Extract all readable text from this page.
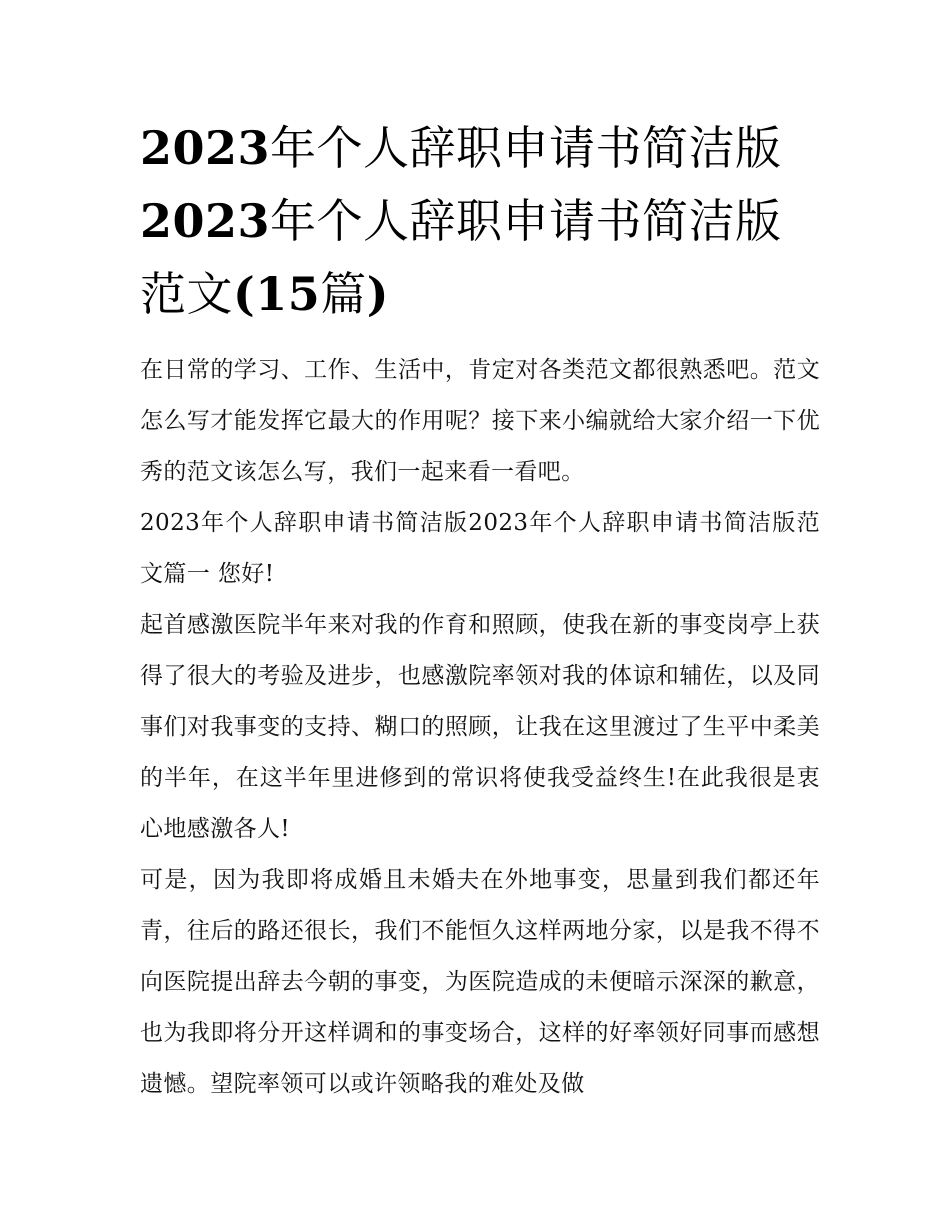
2023年个人辞职申请书简洁版2023年个人辞职申请书简洁版范文(15篇)

在日常的学习、工作、生活中，肯定对各类范文都很熟悉吧。范文怎么写才能发挥它最大的作用呢？接下来小编就给大家介绍一下优秀的范文该怎么写，我们一起来看一看吧。

2023年个人辞职申请书简洁版2023年个人辞职申请书简洁版范文篇一 您好!

起首感激医院半年来对我的作育和照顾，使我在新的事变岗亭上获得了很大的考验及进步，也感激院率领对我的体谅和辅佐，以及同事们对我事变的支持、糊口的照顾，让我在这里渡过了生平中柔美的半年，在这半年里进修到的常识将使我受益终生!在此我很是衷心地感激各人!

可是，因为我即将成婚且未婚夫在外地事变，思量到我们都还年青，往后的路还很长，我们不能恒久这样两地分家，以是我不得不向医院提出辞去今朝的事变，为医院造成的未便暗示深深的歉意，也为我即将分开这样调和的事变场合，这样的好率领好同事而感想遗憾。望院率领可以或许领略我的难处及做
